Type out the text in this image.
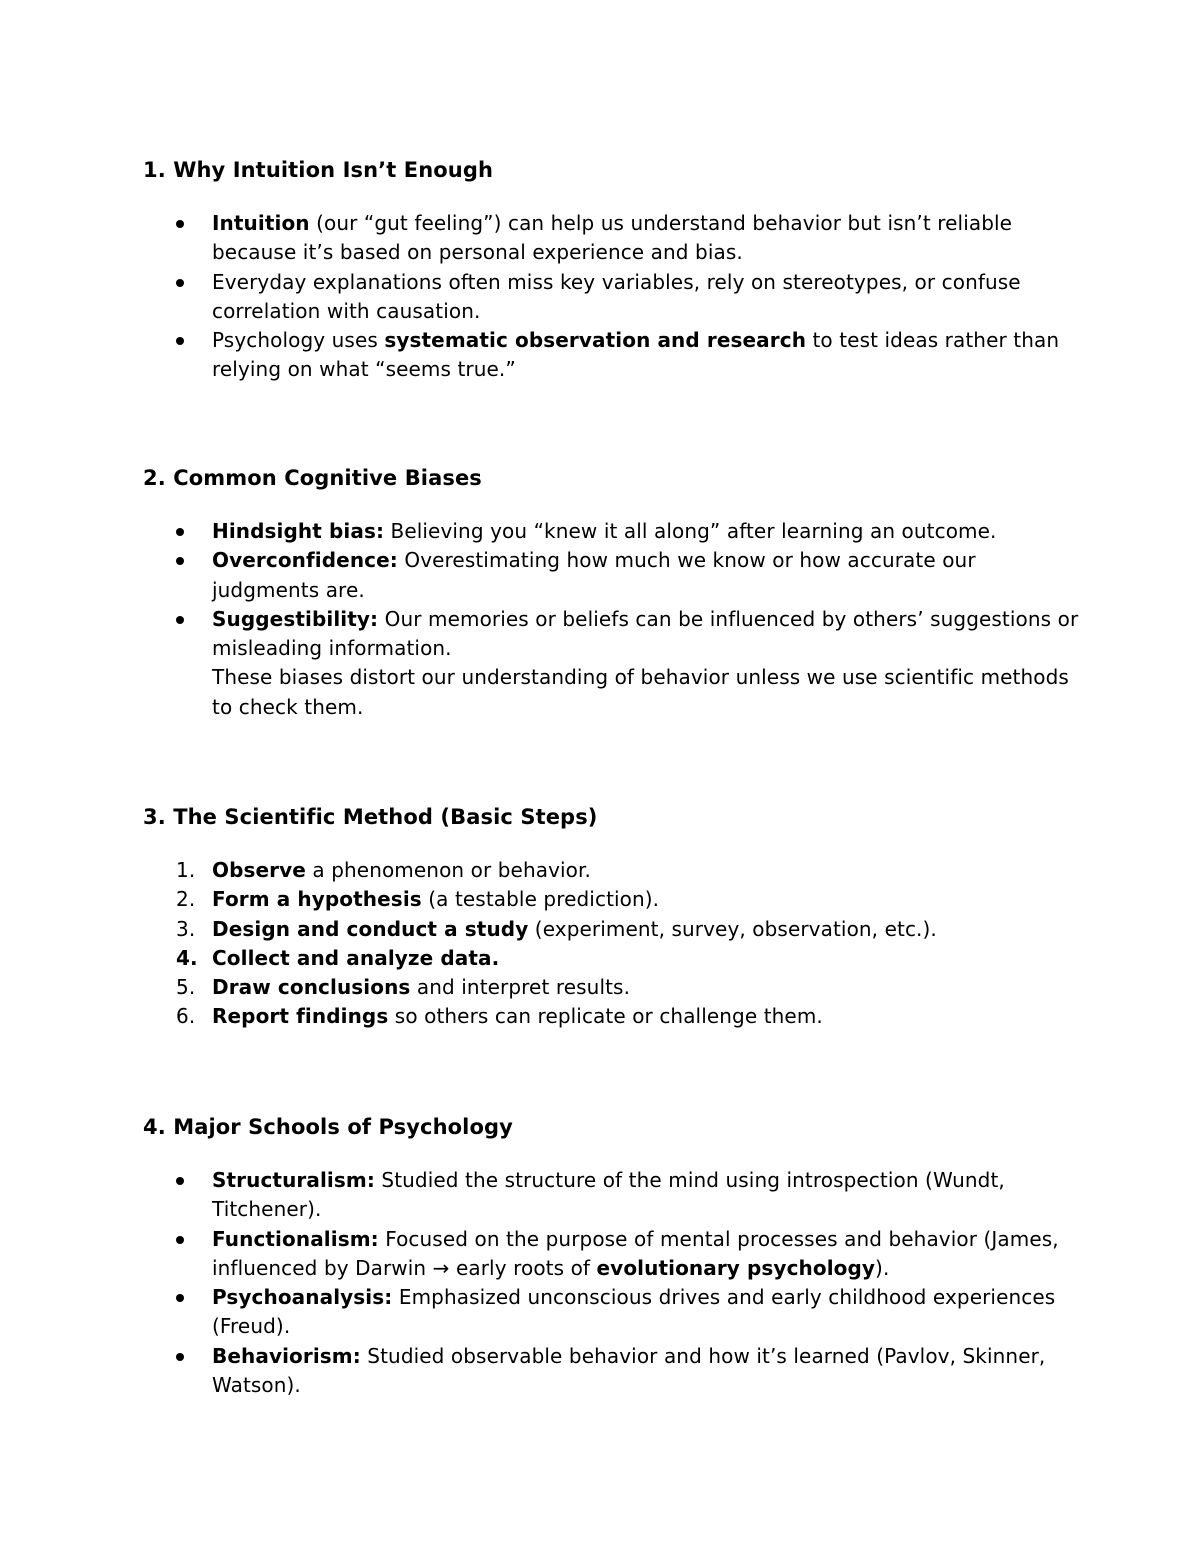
1. Why Intuition Isn’t Enough
Intuition (our “gut feeling”) can help us understand behavior but isn’t reliable because it’s based on personal experience and bias.
Everyday explanations often miss key variables, rely on stereotypes, or confuse correlation with causation.
Psychology uses systematic observation and research to test ideas rather than relying on what “seems true.”
2. Common Cognitive Biases
Hindsight bias: Believing you “knew it all along” after learning an outcome.
Overconfidence: Overestimating how much we know or how accurate our judgments are.
Suggestibility: Our memories or beliefs can be influenced by others’ suggestions or misleading information.
These biases distort our understanding of behavior unless we use scientific methods to check them.
3. The Scientific Method (Basic Steps)
1. Observe a phenomenon or behavior.
2. Form a hypothesis (a testable prediction).
3. Design and conduct a study (experiment, survey, observation, etc.).
4. Collect and analyze data.
5. Draw conclusions and interpret results.
6. Report findings so others can replicate or challenge them.
4. Major Schools of Psychology
Structuralism: Studied the structure of the mind using introspection (Wundt, Titchener).
Functionalism: Focused on the purpose of mental processes and behavior (James, influenced by Darwin → early roots of evolutionary psychology).
Psychoanalysis: Emphasized unconscious drives and early childhood experiences (Freud).
Behaviorism: Studied observable behavior and how it’s learned (Pavlov, Skinner, Watson).
